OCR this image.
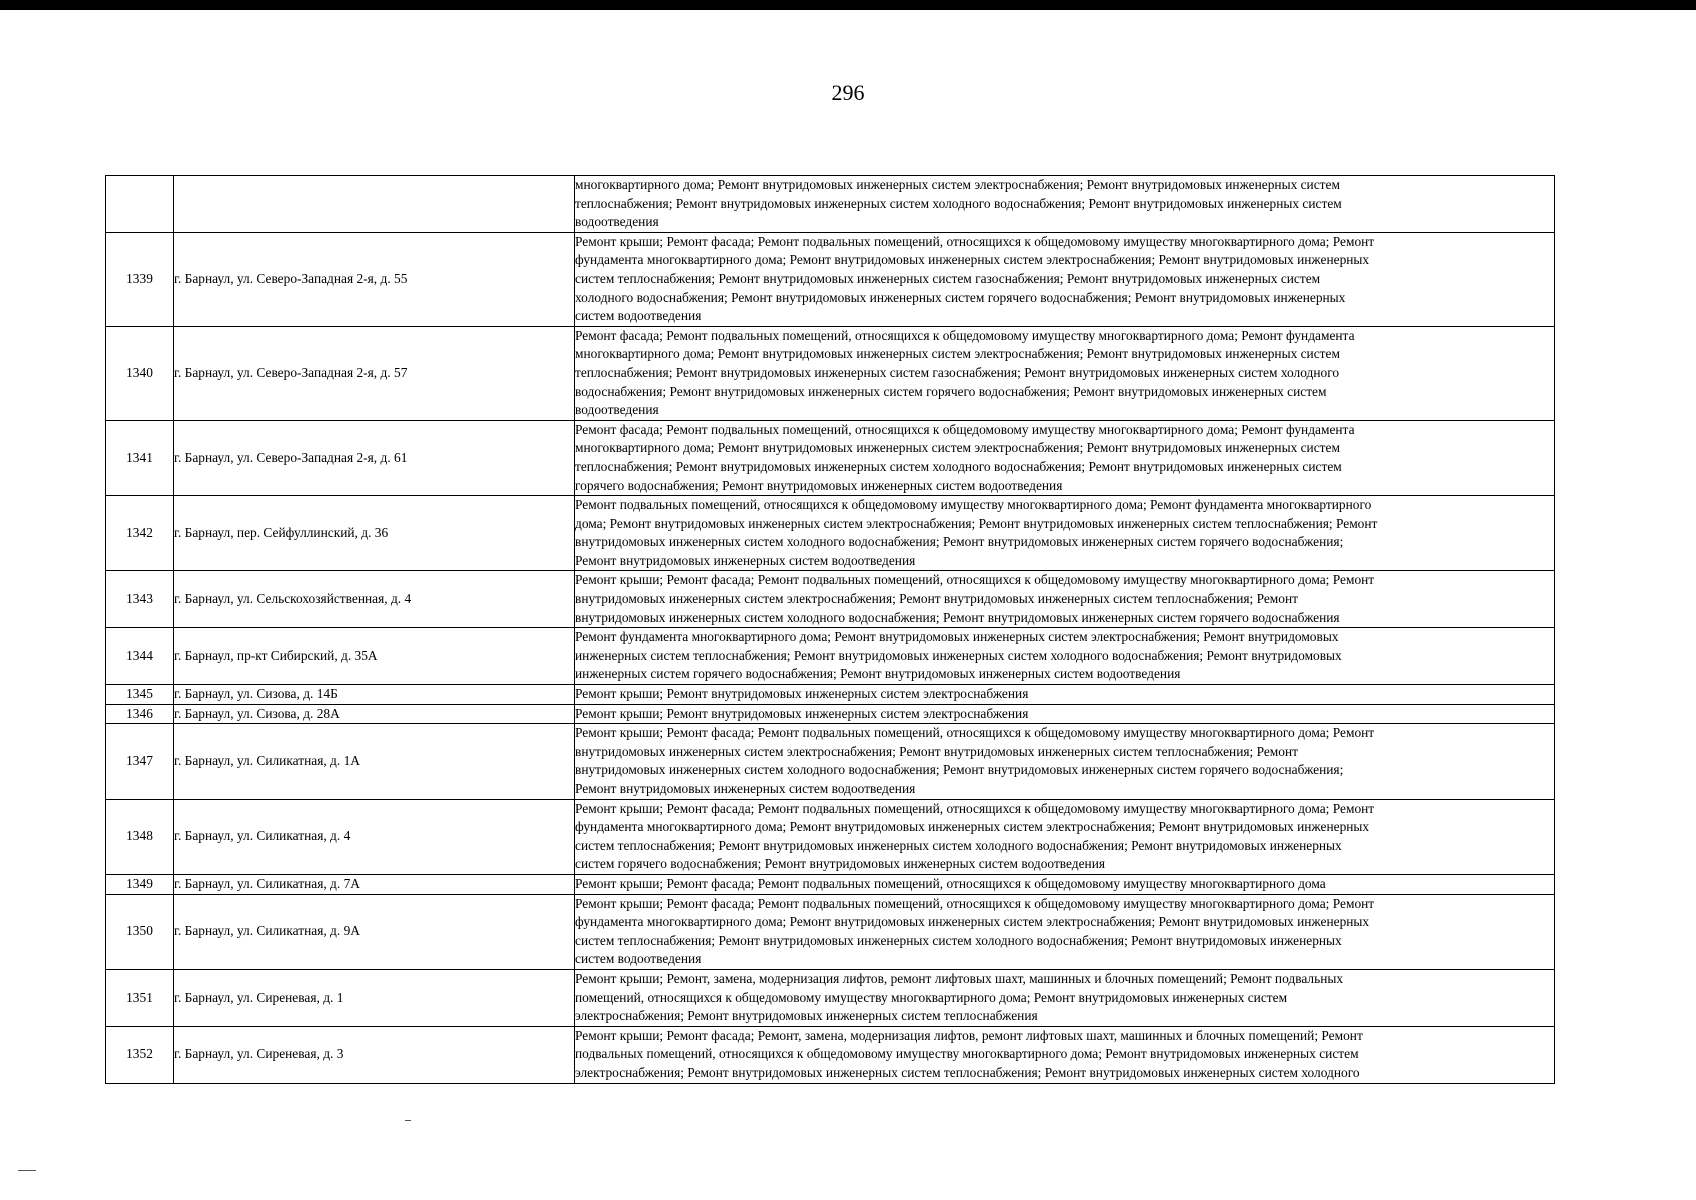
296

		многоквартирного дома; Ремонт внутридомовых инженерных систем электроснабжения; Ремонт внутридомовых инженерных систем
теплоснабжения; Ремонт внутридомовых инженерных систем холодного водоснабжения; Ремонт внутридомовых инженерных систем
водоотведения

1339	г. Барнаул, ул. Северо-Западная 2-я, д. 55	Ремонт крыши; Ремонт фасада; Ремонт подвальных помещений, относящихся к общедомовому имуществу многоквартирного дома; Ремонт
фундамента многоквартирного дома; Ремонт внутридомовых инженерных систем электроснабжения; Ремонт внутридомовых инженерных
систем теплоснабжения; Ремонт внутридомовых инженерных систем газоснабжения; Ремонт внутридомовых инженерных систем
холодного водоснабжения; Ремонт внутридомовых инженерных систем горячего водоснабжения; Ремонт внутридомовых инженерных
систем водоотведения

1340	г. Барнаул, ул. Северо-Западная 2-я, д. 57	Ремонт фасада; Ремонт подвальных помещений, относящихся к общедомовому имуществу многоквартирного дома; Ремонт фундамента
многоквартирного дома; Ремонт внутридомовых инженерных систем электроснабжения; Ремонт внутридомовых инженерных систем
теплоснабжения; Ремонт внутридомовых инженерных систем газоснабжения; Ремонт внутридомовых инженерных систем холодного
водоснабжения; Ремонт внутридомовых инженерных систем горячего водоснабжения; Ремонт внутридомовых инженерных систем
водоотведения

1341	г. Барнаул, ул. Северо-Западная 2-я, д. 61	Ремонт фасада; Ремонт подвальных помещений, относящихся к общедомовому имуществу многоквартирного дома; Ремонт фундамента
многоквартирного дома; Ремонт внутридомовых инженерных систем электроснабжения; Ремонт внутридомовых инженерных систем
теплоснабжения; Ремонт внутридомовых инженерных систем холодного водоснабжения; Ремонт внутридомовых инженерных систем
горячего водоснабжения; Ремонт внутридомовых инженерных систем водоотведения

1342	г. Барнаул, пер. Сейфуллинский, д. 36	Ремонт подвальных помещений, относящихся к общедомовому имуществу многоквартирного дома; Ремонт фундамента многоквартирного
дома; Ремонт внутридомовых инженерных систем электроснабжения; Ремонт внутридомовых инженерных систем теплоснабжения; Ремонт
внутридомовых инженерных систем холодного водоснабжения; Ремонт внутридомовых инженерных систем горячего водоснабжения;
Ремонт внутридомовых инженерных систем водоотведения

1343	г. Барнаул, ул. Сельскохозяйственная, д. 4	Ремонт крыши; Ремонт фасада; Ремонт подвальных помещений, относящихся к общедомовому имуществу многоквартирного дома; Ремонт
внутридомовых инженерных систем электроснабжения; Ремонт внутридомовых инженерных систем теплоснабжения; Ремонт
внутридомовых инженерных систем холодного водоснабжения; Ремонт внутридомовых инженерных систем горячего водоснабжения

1344	г. Барнаул, пр-кт Сибирский, д. 35А	Ремонт фундамента многоквартирного дома; Ремонт внутридомовых инженерных систем электроснабжения; Ремонт внутридомовых
инженерных систем теплоснабжения; Ремонт внутридомовых инженерных систем холодного водоснабжения; Ремонт внутридомовых
инженерных систем горячего водоснабжения; Ремонт внутридомовых инженерных систем водоотведения

1345	г. Барнаул, ул. Сизова, д. 14Б	Ремонт крыши; Ремонт внутридомовых инженерных систем электроснабжения

1346	г. Барнаул, ул. Сизова, д. 28А	Ремонт крыши; Ремонт внутридомовых инженерных систем электроснабжения

1347	г. Барнаул, ул. Силикатная, д. 1А	Ремонт крыши; Ремонт фасада; Ремонт подвальных помещений, относящихся к общедомовому имуществу многоквартирного дома; Ремонт
внутридомовых инженерных систем электроснабжения; Ремонт внутридомовых инженерных систем теплоснабжения; Ремонт
внутридомовых инженерных систем холодного водоснабжения; Ремонт внутридомовых инженерных систем горячего водоснабжения;
Ремонт внутридомовых инженерных систем водоотведения

1348	г. Барнаул, ул. Силикатная, д. 4	Ремонт крыши; Ремонт фасада; Ремонт подвальных помещений, относящихся к общедомовому имуществу многоквартирного дома; Ремонт
фундамента многоквартирного дома; Ремонт внутридомовых инженерных систем электроснабжения; Ремонт внутридомовых инженерных
систем теплоснабжения; Ремонт внутридомовых инженерных систем холодного водоснабжения; Ремонт внутридомовых инженерных
систем горячего водоснабжения; Ремонт внутридомовых инженерных систем водоотведения

1349	г. Барнаул, ул. Силикатная, д. 7А	Ремонт крыши; Ремонт фасада; Ремонт подвальных помещений, относящихся к общедомовому имуществу многоквартирного дома

1350	г. Барнаул, ул. Силикатная, д. 9А	Ремонт крыши; Ремонт фасада; Ремонт подвальных помещений, относящихся к общедомовому имуществу многоквартирного дома; Ремонт
фундамента многоквартирного дома; Ремонт внутридомовых инженерных систем электроснабжения; Ремонт внутридомовых инженерных
систем теплоснабжения; Ремонт внутридомовых инженерных систем холодного водоснабжения; Ремонт внутридомовых инженерных
систем водоотведения

1351	г. Барнаул, ул. Сиреневая, д. 1	Ремонт крыши; Ремонт, замена, модернизация лифтов, ремонт лифтовых шахт, машинных и блочных помещений; Ремонт подвальных
помещений, относящихся к общедомовому имуществу многоквартирного дома; Ремонт внутридомовых инженерных систем
электроснабжения; Ремонт внутридомовых инженерных систем теплоснабжения

1352	г. Барнаул, ул. Сиреневая, д. 3	Ремонт крыши; Ремонт фасада; Ремонт, замена, модернизация лифтов, ремонт лифтовых шахт, машинных и блочных помещений; Ремонт
подвальных помещений, относящихся к общедомовому имуществу многоквартирного дома; Ремонт внутридомовых инженерных систем
электроснабжения; Ремонт внутридомовых инженерных систем теплоснабжения; Ремонт внутридомовых инженерных систем холодного
